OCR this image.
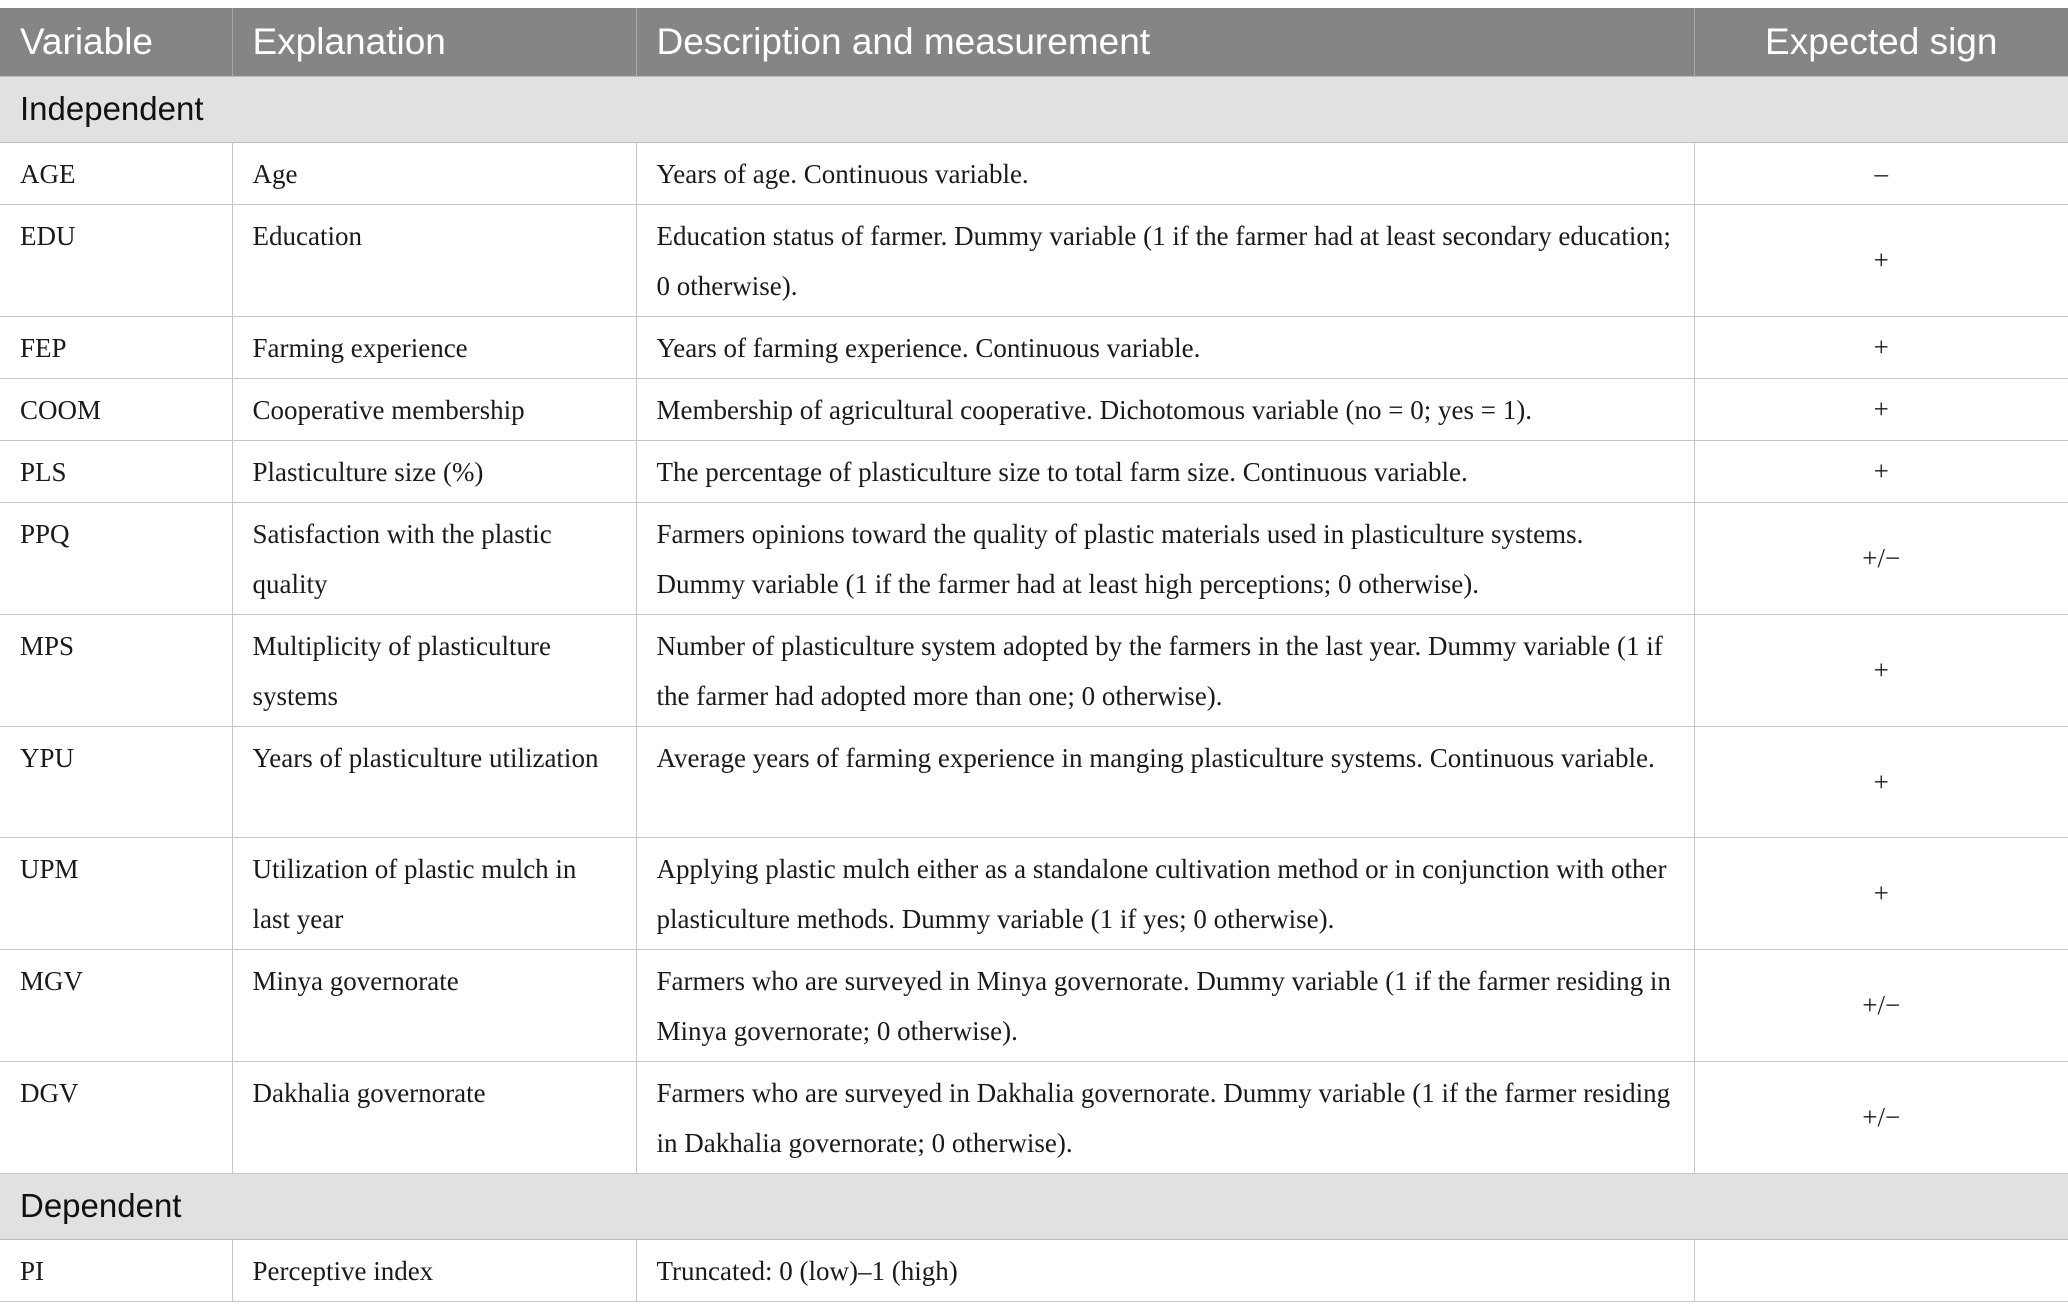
Variable	Explanation	Description and measurement	Expected sign
Independent			
AGE	Age	Years of age. Continuous variable.	–
EDU	Education	Education status of farmer. Dummy variable (1 if the farmer had at least secondary education; 0 otherwise).	+
FEP	Farming experience	Years of farming experience. Continuous variable.	+
COOM	Cooperative membership	Membership of agricultural cooperative. Dichotomous variable (no = 0; yes = 1).	+
PLS	Plasticulture size (%)	The percentage of plasticulture size to total farm size. Continuous variable.	+
PPQ	Satisfaction with the plastic quality	Farmers opinions toward the quality of plastic materials used in plasticulture systems. Dummy variable (1 if the farmer had at least high perceptions; 0 otherwise).	+/−
MPS	Multiplicity of plasticulture systems	Number of plasticulture system adopted by the farmers in the last year. Dummy variable (1 if the farmer had adopted more than one; 0 otherwise).	+
YPU	Years of plasticulture utilization	Average years of farming experience in manging plasticulture systems. Continuous variable.	+
UPM	Utilization of plastic mulch in last year	Applying plastic mulch either as a standalone cultivation method or in conjunction with other plasticulture methods. Dummy variable (1 if yes; 0 otherwise).	+
MGV	Minya governorate	Farmers who are surveyed in Minya governorate. Dummy variable (1 if the farmer residing in Minya governorate; 0 otherwise).	+/−
DGV	Dakhalia governorate	Farmers who are surveyed in Dakhalia governorate. Dummy variable (1 if the farmer residing in Dakhalia governorate; 0 otherwise).	+/−
Dependent			
PI	Perceptive index	Truncated: 0 (low)–1 (high)	
